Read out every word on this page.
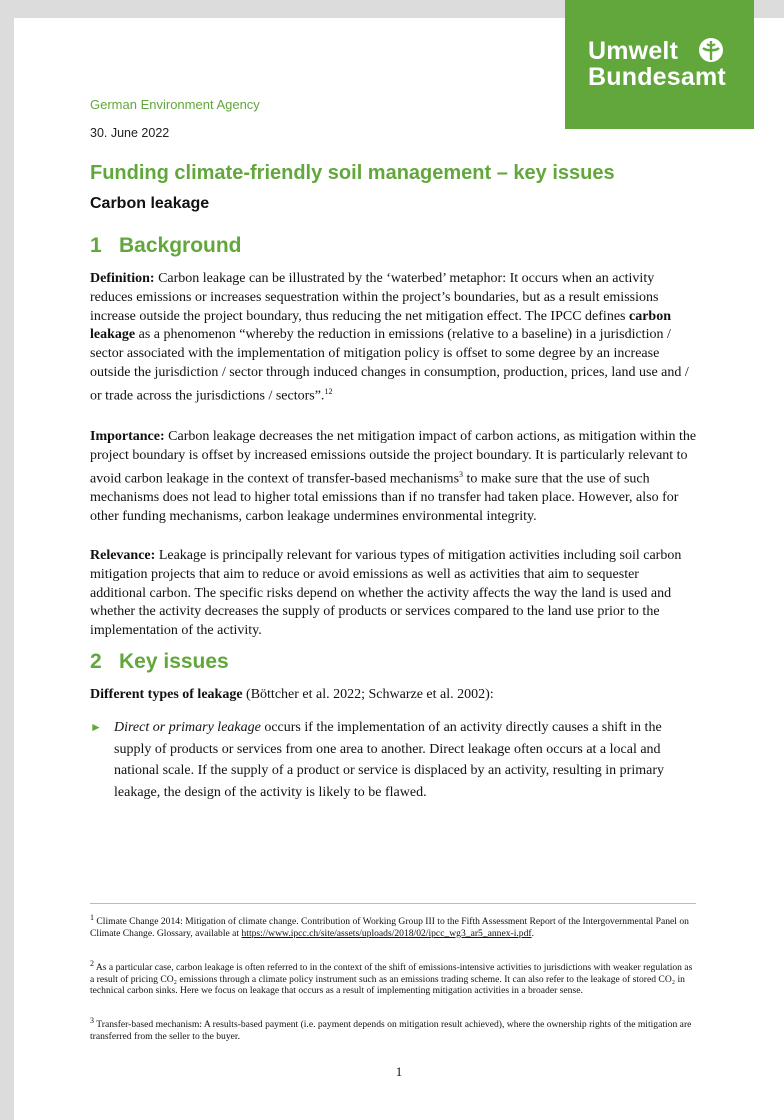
Umwelt
Bundesamt
German Environment Agency
30. June 2022
Funding climate-friendly soil management – key issues
Carbon leakage
1 Background

Definition: Carbon leakage can be illustrated by the ‘waterbed’ metaphor: It occurs when an activity reduces emissions or increases sequestration within the project’s boundaries, but as a result emissions increase outside the project boundary, thus reducing the net mitigation effect. The IPCC defines carbon leakage as a phenomenon “whereby the reduction in emissions (relative to a baseline) in a jurisdiction / sector associated with the implementation of mitigation policy is offset to some degree by an increase outside the jurisdiction / sector through induced changes in consumption, production, prices, land use and / or trade across the jurisdictions / sectors”.$^{12}$

Importance: Carbon leakage decreases the net mitigation impact of carbon actions, as mitigation within the project boundary is offset by increased emissions outside the project boundary. It is particularly relevant to avoid carbon leakage in the context of transfer-based mechanisms$^3$ to make sure that the use of such mechanisms does not lead to higher total emissions than if no transfer had taken place. However, also for other funding mechanisms, carbon leakage undermines environmental integrity.

Relevance: Leakage is principally relevant for various types of mitigation activities including soil carbon mitigation projects that aim to reduce or avoid emissions as well as activities that aim to sequester additional carbon. The specific risks depend on whether the activity affects the way the land is used and whether the activity decreases the supply of products or services compared to the land use prior to the implementation of the activity.

2 Key issues

Different types of leakage (Böttcher et al. 2022; Schwarze et al. 2002):

► Direct or primary leakage occurs if the implementation of an activity directly causes a shift in the supply of products or services from one area to another. Direct leakage often occurs at a local and national scale. If the supply of a product or service is displaced by an activity, resulting in primary leakage, the design of the activity is likely to be flawed.
$^1$ Climate Change 2014: Mitigation of climate change. Contribution of Working Group III to the Fifth Assessment Report of the Intergovernmental Panel on Climate Change. Glossary, available at https://www.ipcc.ch/site/assets/uploads/2018/02/ipcc_wg3_ar5_annex-i.pdf.
$^2$ As a particular case, carbon leakage is often referred to in the context of the shift of emissions-intensive activities to jurisdictions with weaker regulation as a result of pricing CO₂ emissions through a climate policy instrument such as an emissions trading scheme. It can also refer to the leakage of stored CO₂ in technical carbon sinks. Here we focus on leakage that occurs as a result of implementing mitigation activities in a broader sense.
$^3$ Transfer-based mechanism: A results-based payment (i.e. payment depends on mitigation result achieved), where the ownership rights of the mitigation are transferred from the seller to the buyer.
1
